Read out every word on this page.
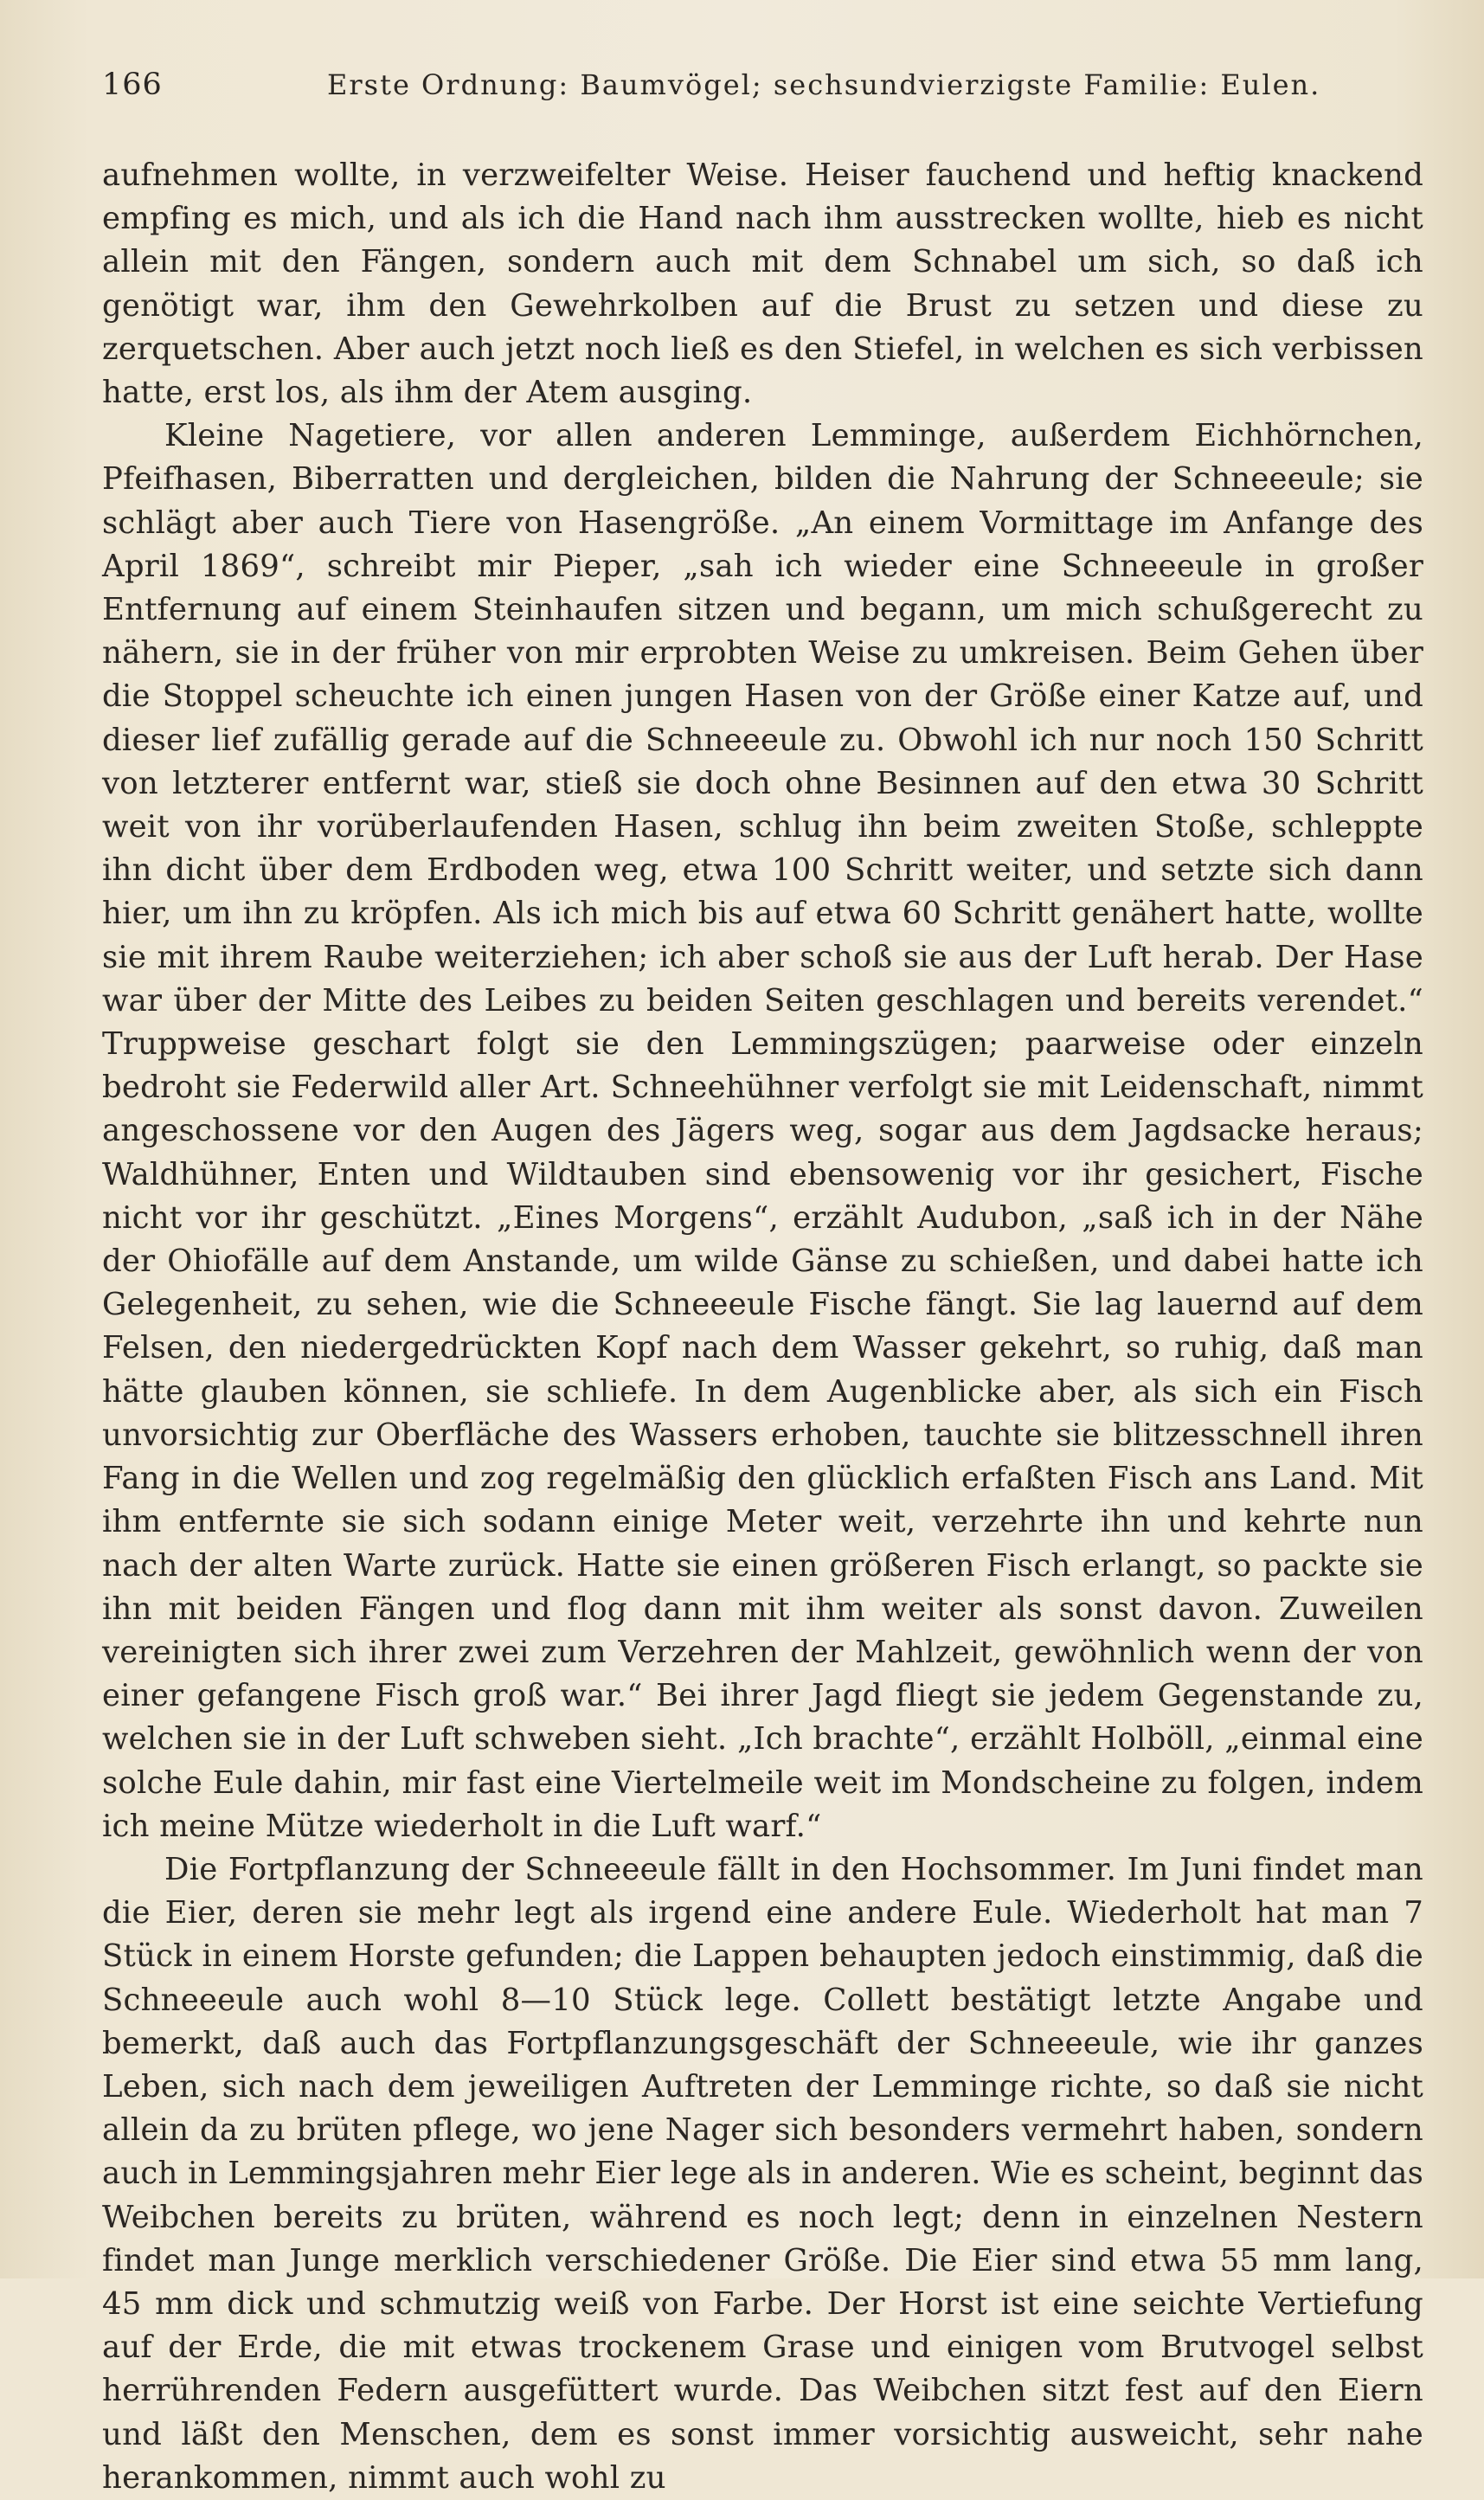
166	Erste Ordnung: Baumvögel; sechsundvierzigste Familie: Eulen.

aufnehmen wollte, in verzweifelter Weise. Heiser fauchend und heftig knackend empfing es mich, und als ich die Hand nach ihm ausstrecken wollte, hieb es nicht allein mit den Fängen, sondern auch mit dem Schnabel um sich, so daß ich genötigt war, ihm den Gewehrkolben auf die Brust zu setzen und diese zu zerquetschen. Aber auch jetzt noch ließ es den Stiefel, in welchen es sich verbissen hatte, erst los, als ihm der Atem ausging.

Kleine Nagetiere, vor allen anderen Lemminge, außerdem Eichhörnchen, Pfeifhasen, Biberratten und dergleichen, bilden die Nahrung der Schneeeule; sie schlägt aber auch Tiere von Hasengröße. „An einem Vormittage im Anfange des April 1869“, schreibt mir Pieper, „sah ich wieder eine Schneeeule in großer Entfernung auf einem Steinhaufen sitzen und begann, um mich schußgerecht zu nähern, sie in der früher von mir erprobten Weise zu umkreisen. Beim Gehen über die Stoppel scheuchte ich einen jungen Hasen von der Größe einer Katze auf, und dieser lief zufällig gerade auf die Schneeeule zu. Obwohl ich nur noch 150 Schritt von letzterer entfernt war, stieß sie doch ohne Besinnen auf den etwa 30 Schritt weit von ihr vorüberlaufenden Hasen, schlug ihn beim zweiten Stoße, schleppte ihn dicht über dem Erdboden weg, etwa 100 Schritt weiter, und setzte sich dann hier, um ihn zu kröpfen. Als ich mich bis auf etwa 60 Schritt genähert hatte, wollte sie mit ihrem Raube weiterziehen; ich aber schoß sie aus der Luft herab. Der Hase war über der Mitte des Leibes zu beiden Seiten geschlagen und bereits verendet.“ Truppweise geschart folgt sie den Lemmingszügen; paarweise oder einzeln bedroht sie Federwild aller Art. Schneehühner verfolgt sie mit Leidenschaft, nimmt angeschossene vor den Augen des Jägers weg, sogar aus dem Jagdsacke heraus; Waldhühner, Enten und Wildtauben sind ebensowenig vor ihr gesichert, Fische nicht vor ihr geschützt. „Eines Morgens“, erzählt Audubon, „saß ich in der Nähe der Ohiofälle auf dem Anstande, um wilde Gänse zu schießen, und dabei hatte ich Gelegenheit, zu sehen, wie die Schneeeule Fische fängt. Sie lag lauernd auf dem Felsen, den niedergedrückten Kopf nach dem Wasser gekehrt, so ruhig, daß man hätte glauben können, sie schliefe. In dem Augenblicke aber, als sich ein Fisch unvorsichtig zur Oberfläche des Wassers erhoben, tauchte sie blitzesschnell ihren Fang in die Wellen und zog regelmäßig den glücklich erfaßten Fisch ans Land. Mit ihm entfernte sie sich sodann einige Meter weit, verzehrte ihn und kehrte nun nach der alten Warte zurück. Hatte sie einen größeren Fisch erlangt, so packte sie ihn mit beiden Fängen und flog dann mit ihm weiter als sonst davon. Zuweilen vereinigten sich ihrer zwei zum Verzehren der Mahlzeit, gewöhnlich wenn der von einer gefangene Fisch groß war.“ Bei ihrer Jagd fliegt sie jedem Gegenstande zu, welchen sie in der Luft schweben sieht. „Ich brachte“, erzählt Holböll, „einmal eine solche Eule dahin, mir fast eine Viertelmeile weit im Mondscheine zu folgen, indem ich meine Mütze wiederholt in die Luft warf.“

Die Fortpflanzung der Schneeeule fällt in den Hochsommer. Im Juni findet man die Eier, deren sie mehr legt als irgend eine andere Eule. Wiederholt hat man 7 Stück in einem Horste gefunden; die Lappen behaupten jedoch einstimmig, daß die Schneeeule auch wohl 8—10 Stück lege. Collett bestätigt letzte Angabe und bemerkt, daß auch das Fortpflanzungsgeschäft der Schneeeule, wie ihr ganzes Leben, sich nach dem jeweiligen Auftreten der Lemminge richte, so daß sie nicht allein da zu brüten pflege, wo jene Nager sich besonders vermehrt haben, sondern auch in Lemmingsjahren mehr Eier lege als in anderen. Wie es scheint, beginnt das Weibchen bereits zu brüten, während es noch legt; denn in einzelnen Nestern findet man Junge merklich verschiedener Größe. Die Eier sind etwa 55 mm lang, 45 mm dick und schmutzig weiß von Farbe. Der Horst ist eine seichte Vertiefung auf der Erde, die mit etwas trockenem Grase und einigen vom Brutvogel selbst herrührenden Federn ausgefüttert wurde. Das Weibchen sitzt fest auf den Eiern und läßt den Menschen, dem es sonst immer vorsichtig ausweicht, sehr nahe herankommen, nimmt auch wohl zu
